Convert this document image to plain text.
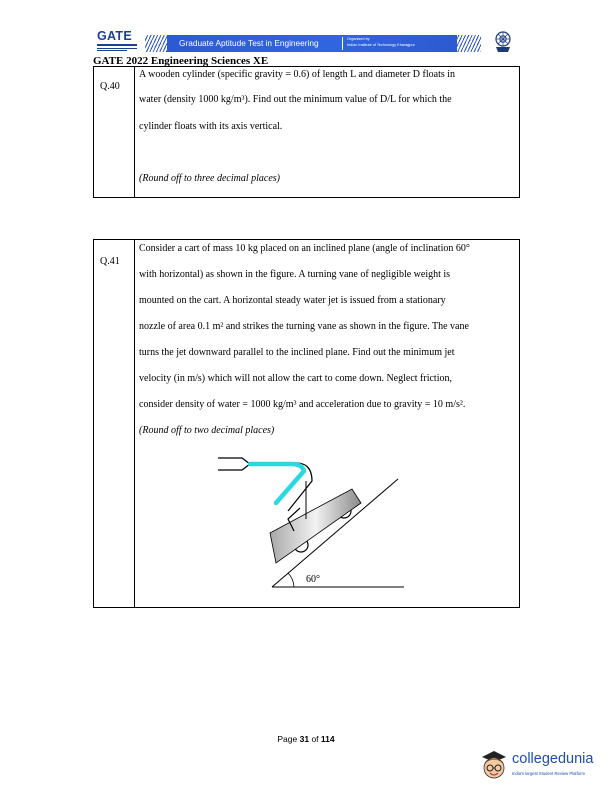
GATE	Graduate Aptitude Test in Engineering	Organised by
Indian Institute of Technology Kharagpur
GATE 2022 Engineering Sciences XE
Q.40
A wooden cylinder (specific gravity = 0.6) of length L and diameter D floats in
water (density 1000 kg/m³). Find out the minimum value of D/L for which the
cylinder floats with its axis vertical.
(Round off to three decimal places)
Q.41
Consider a cart of mass 10 kg placed on an inclined plane (angle of inclination 60°
with horizontal) as shown in the figure. A turning vane of negligible weight is
mounted on the cart. A horizontal steady water jet is issued from a stationary
nozzle of area 0.1 m² and strikes the turning vane as shown in the figure. The vane
turns the jet downward parallel to the inclined plane. Find out the minimum jet
velocity (in m/s) which will not allow the cart to come down. Neglect friction,
consider density of water = 1000 kg/m³ and acceleration due to gravity = 10 m/s².
(Round off to two decimal places)
60°
Page 31 of 114
collegedunia
India's largest Student Review Platform
